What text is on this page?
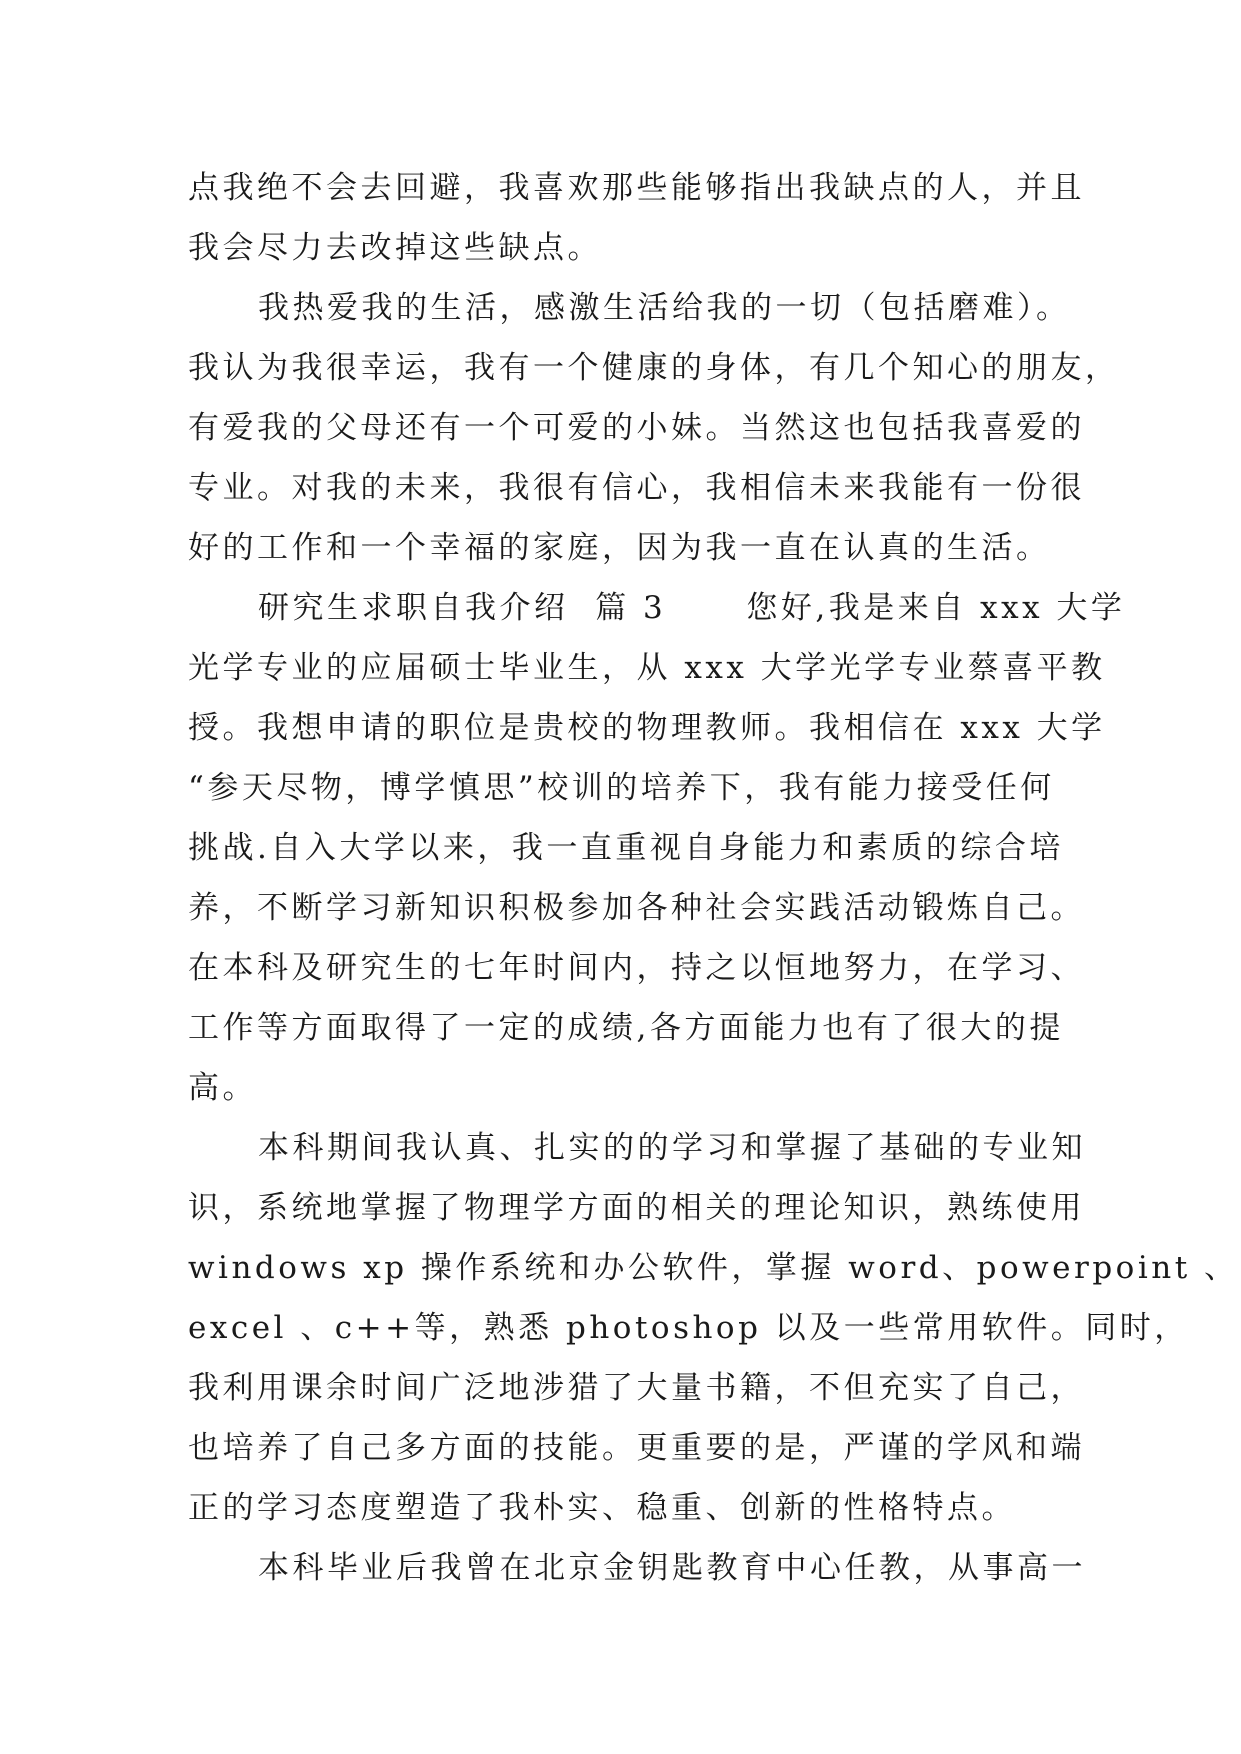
点我绝不会去回避，我喜欢那些能够指出我缺点的人，并且
我会尽力去改掉这些缺点。
我热爱我的生活，感激生活给我的一切（包括磨难）。
我认为我很幸运，我有一个健康的身体，有几个知心的朋友，
有爱我的父母还有一个可爱的小妹。当然这也包括我喜爱的
专业。对我的未来，我很有信心，我相信未来我能有一份很
好的工作和一个幸福的家庭，因为我一直在认真的生活。
研究生求职自我介绍  篇 3      您好,我是来自 xxx 大学
光学专业的应届硕士毕业生，从 xxx 大学光学专业蔡喜平教
授。我想申请的职位是贵校的物理教师。我相信在 xxx 大学
“参天尽物，博学慎思”校训的培养下，我有能力接受任何
挑战.自入大学以来，我一直重视自身能力和素质的综合培
养，不断学习新知识积极参加各种社会实践活动锻炼自己。
在本科及研究生的七年时间内，持之以恒地努力，在学习、
工作等方面取得了一定的成绩,各方面能力也有了很大的提
高。
本科期间我认真、扎实的的学习和掌握了基础的专业知
识，系统地掌握了物理学方面的相关的理论知识，熟练使用
windows xp 操作系统和办公软件，掌握 word、powerpoint 、
excel 、c++等，熟悉 photoshop 以及一些常用软件。同时，
我利用课余时间广泛地涉猎了大量书籍，不但充实了自己，
也培养了自己多方面的技能。更重要的是，严谨的学风和端
正的学习态度塑造了我朴实、稳重、创新的性格特点。
本科毕业后我曾在北京金钥匙教育中心任教，从事高一
